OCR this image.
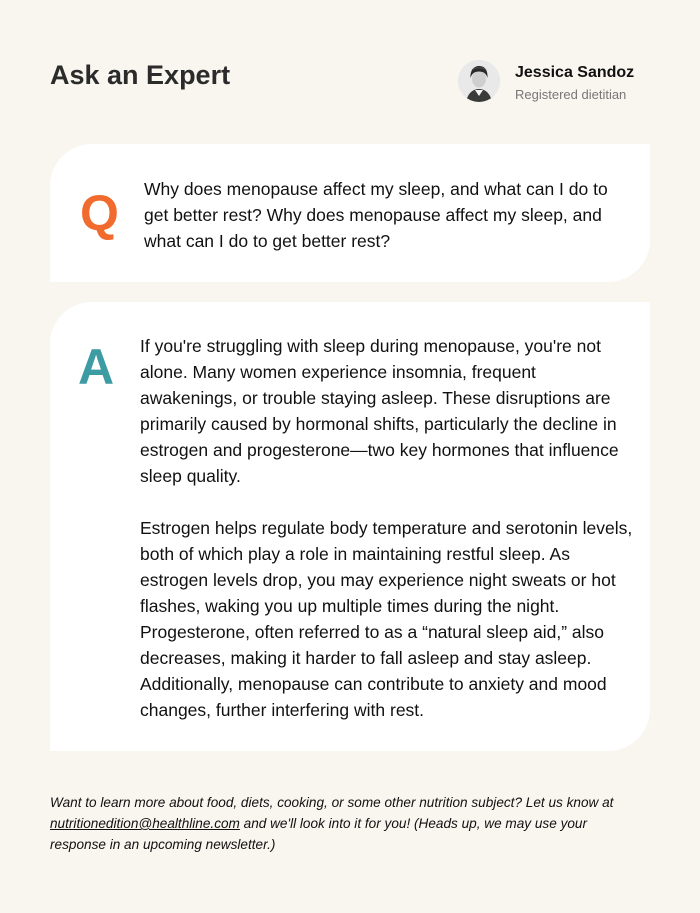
Ask an Expert	Jessica Sandoz
Registered dietitian
Q Why does menopause affect my sleep, and what can I do to get better rest? Why does menopause affect my sleep, and what can I do to get better rest?

A If you're struggling with sleep during menopause, you're not alone. Many women experience insomnia, frequent awakenings, or trouble staying asleep. These disruptions are primarily caused by hormonal shifts, particularly the decline in estrogen and progesterone—two key hormones that influence sleep quality.

Estrogen helps regulate body temperature and serotonin levels, both of which play a role in maintaining restful sleep. As estrogen levels drop, you may experience night sweats or hot flashes, waking you up multiple times during the night. Progesterone, often referred to as a “natural sleep aid,” also decreases, making it harder to fall asleep and stay asleep. Additionally, menopause can contribute to anxiety and mood changes, further interfering with rest.

Want to learn more about food, diets, cooking, or some other nutrition subject? Let us know at nutritionedition@healthline.com and we'll look into it for you! (Heads up, we may use your response in an upcoming newsletter.)
